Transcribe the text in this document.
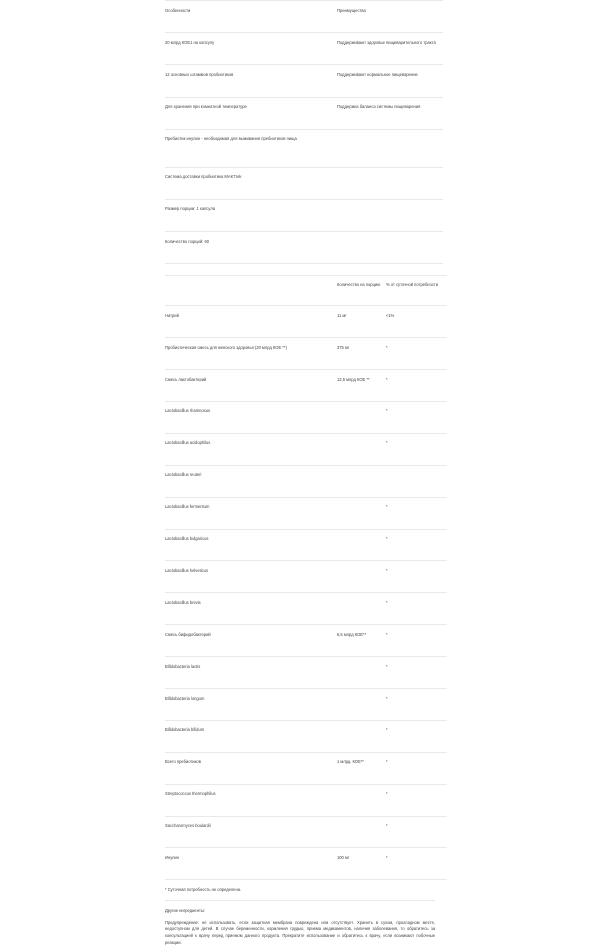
Особенности	Преимущества
20 млрд КОЕ1 на капсулу	Поддерживают здоровье пищеварительного тракта
12 основных штаммов пробиотиков	Поддерживают нормальное пищеварение
Для хранения при комнатной температуре	Поддержка баланса системы пищеварения
Пребиотик инулин - необходимая для выживания пребиотиков пища	
Система доставки пробиотика MAKTrek	
Размер порции: 1 капсула	
Количество порций: 60	
	Количество на порцию	% от суточной потребности
Натрий	11 мг	<1%
Пробиотическая смесь для женского здоровья (20 млрд КОЕ **)	375 мг	*
Смесь лактобактерий	13,5 млрд КОЕ **	*
Lactobacillus rhamnosus		*
Lactobacillus acidophilus		*
Lactobacillus reuteri		
Lactobacillus fermentum		*
Lactobacillus bulgaricus		*
Lactobacillus helveticus		*
Lactobacillus brevis		*
Смесь бифидобактерий	6,5 млрд КОЕ**	*
Bifidobacteria lactis		*
Bifidobacteria longum		*
Bifidobacteria bifidum		*
Всего пребиотиков	1 млрд. КОЕ**	*
Streptococcus thermophilus		*
Saccharomyces boulardii		*
Инулин	100 мг	*
* Суточная потребность не определена.
Другие ингредиенты:
Предупреждение: не использовать, если защитная мембрана повреждена или отсутствует. Хранить в сухом, прохладном месте, недоступном для детей. В случае беременности, кормления грудью, приема медикаментов, наличия заболевания, то обратитесь за консультацией к врачу перед приемом данного продукта. Прекратите использование и обратитесь к врачу, если возникают побочные реакции.
